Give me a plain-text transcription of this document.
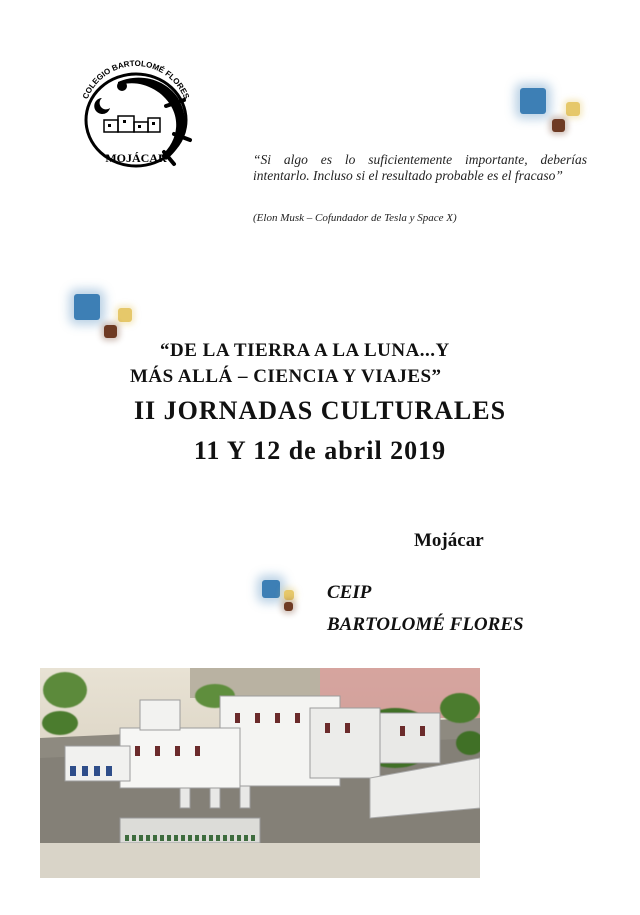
COLEGIO BARTOLOMÉ FLORES
MOJÁCAR	“Si algo es lo suficientemente importante, deberías intentarlo. Incluso si el resultado probable es el fracaso”
(Elon Musk – Cofundador de Tesla y Space X)
“DE LA TIERRA A LA LUNA...Y
MÁS ALLÁ – CIENCIA Y VIAJES”
II JORNADAS CULTURALES
11 Y 12 de abril 2019
Mojácar
CEIP
BARTOLOMÉ FLORES
